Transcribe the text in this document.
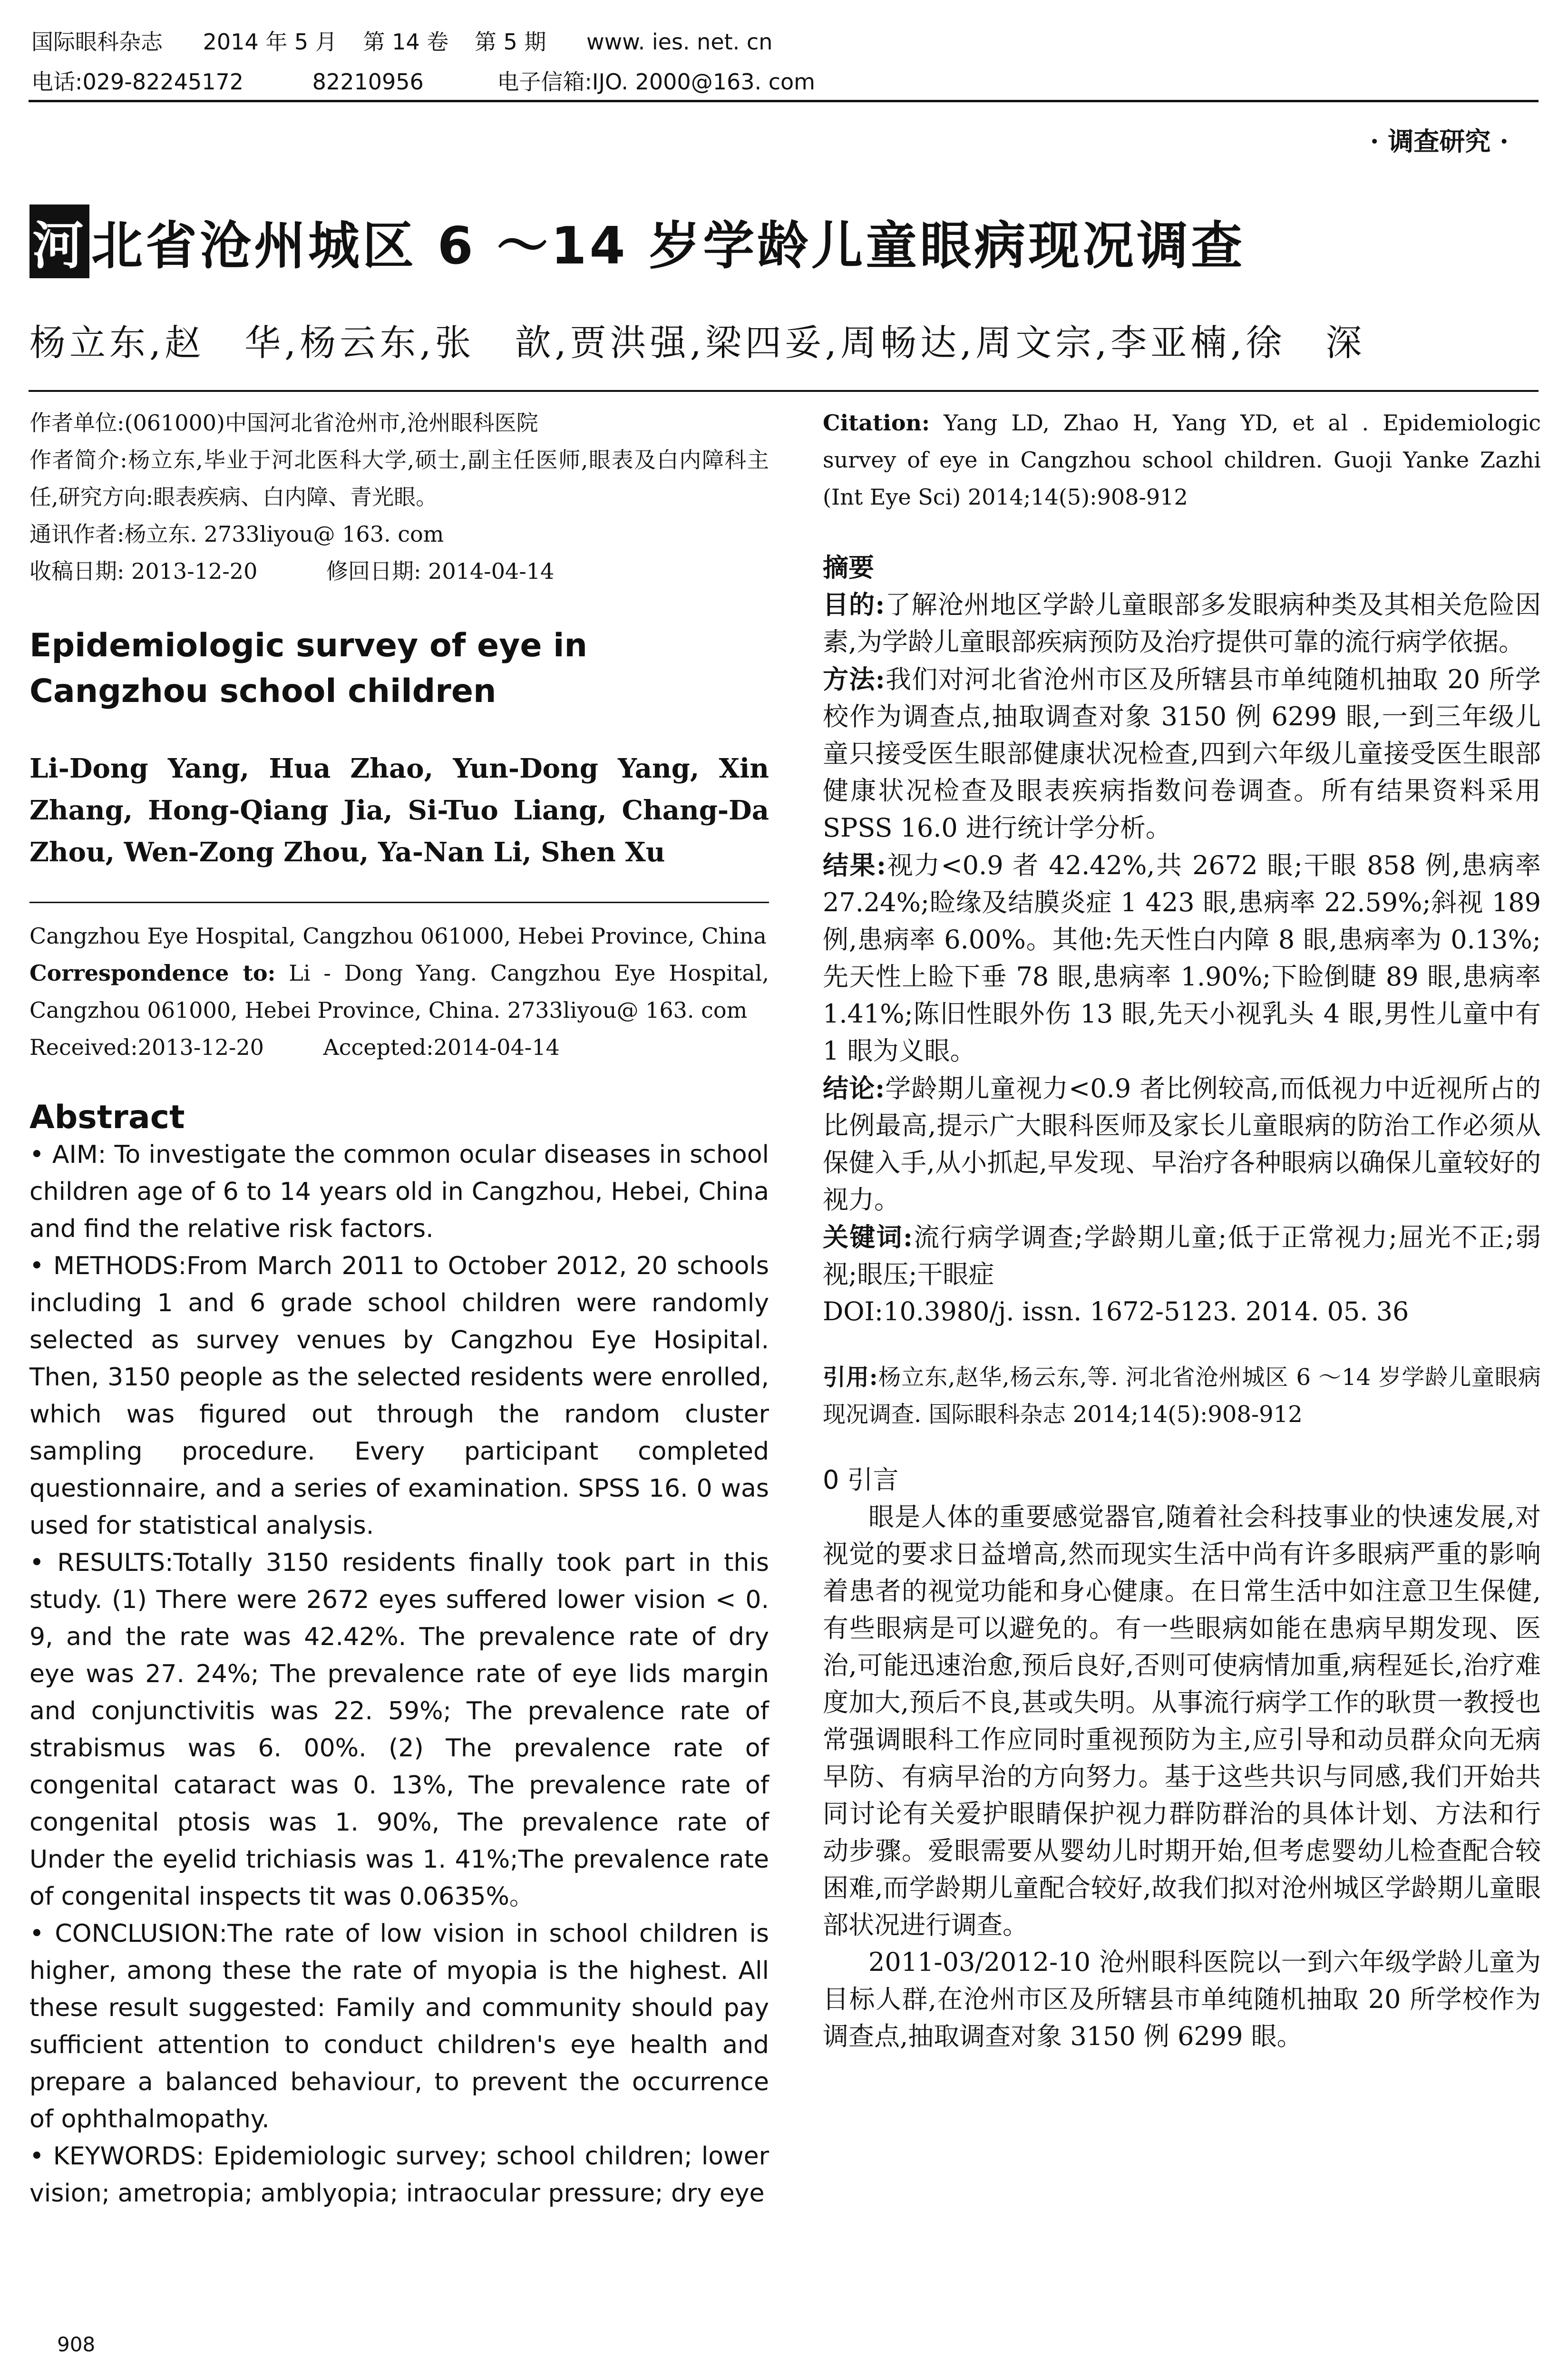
国际眼科杂志 2014 年 5 月 第 14 卷 第 5 期 www. ies. net. cn
电话:029-82245172	82210956	电子信箱:IJO. 2000@163. com
· 调查研究 ·
河北省沧州城区 6 ～14 岁学龄儿童眼病现况调查
杨立东,赵　华,杨云东,张　歆,贾洪强,梁四妥,周畅达,周文宗,李亚楠,徐　深

作者单位:(061000)中国河北省沧州市,沧州眼科医院

作者简介:杨立东,毕业于河北医科大学,硕士,副主任医师,眼表及白内障科主任,研究方向:眼表疾病、白内障、青光眼。

通讯作者:杨立东. 2733liyou@ 163. com

收稿日期: 2013-12-20	修回日期: 2014-04-14

Epidemiologic survey of eye in Cangzhou school children
Li-Dong Yang, Hua Zhao, Yun-Dong Yang, Xin Zhang, Hong-Qiang Jia, Si-Tuo Liang, Chang-Da Zhou, Wen-Zong Zhou, Ya-Nan Li, Shen Xu

Cangzhou Eye Hospital, Cangzhou 061000, Hebei Province, China

Correspondence to: Li - Dong Yang. Cangzhou Eye Hospital, Cangzhou 061000, Hebei Province, China. 2733liyou@ 163. com

Received:2013-12-20	Accepted:2014-04-14

Abstract

• AIM: To investigate the common ocular diseases in school children age of 6 to 14 years old in Cangzhou, Hebei, China and find the relative risk factors.

• METHODS:From March 2011 to October 2012, 20 schools including 1 and 6 grade school children were randomly selected as survey venues by Cangzhou Eye Hosipital. Then, 3150 people as the selected residents were enrolled, which was figured out through the random cluster sampling procedure. Every participant completed questionnaire, and a series of examination. SPSS 16. 0 was used for statistical analysis.

• RESULTS:Totally 3150 residents finally took part in this study. (1) There were 2672 eyes suffered lower vision < 0. 9, and the rate was 42.42%. The prevalence rate of dry eye was 27. 24%; The prevalence rate of eye lids margin and conjunctivitis was 22. 59%; The prevalence rate of strabismus was 6. 00%. (2) The prevalence rate of congenital cataract was 0. 13%, The prevalence rate of congenital ptosis was 1. 90%, The prevalence rate of Under the eyelid trichiasis was 1. 41%;The prevalence rate of congenital inspects tit was 0.0635%。

• CONCLUSION:The rate of low vision in school children is higher, among these the rate of myopia is the highest. All these result suggested: Family and community should pay sufficient attention to conduct children's eye health and prepare a balanced behaviour, to prevent the occurrence of ophthalmopathy.

• KEYWORDS: Epidemiologic survey; school children; lower vision; ametropia; amblyopia; intraocular pressure; dry eye

Citation: Yang LD, Zhao H, Yang YD, et al . Epidemiologic survey of eye in Cangzhou school children. Guoji Yanke Zazhi (Int Eye Sci) 2014;14(5):908-912

摘要

目的:了解沧州地区学龄儿童眼部多发眼病种类及其相关危险因素,为学龄儿童眼部疾病预防及治疗提供可靠的流行病学依据。

方法:我们对河北省沧州市区及所辖县市单纯随机抽取 20 所学校作为调查点,抽取调查对象 3150 例 6299 眼,一到三年级儿童只接受医生眼部健康状况检查,四到六年级儿童接受医生眼部健康状况检查及眼表疾病指数问卷调查。所有结果资料采用 SPSS 16.0 进行统计学分析。

结果:视力<0.9 者 42.42%,共 2672 眼;干眼 858 例,患病率 27.24%;睑缘及结膜炎症 1 423 眼,患病率 22.59%;斜视 189 例,患病率 6.00%。其他:先天性白内障 8 眼,患病率为 0.13%;先天性上睑下垂 78 眼,患病率 1.90%;下睑倒睫 89 眼,患病率 1.41%;陈旧性眼外伤 13 眼,先天小视乳头 4 眼,男性儿童中有 1 眼为义眼。

结论:学龄期儿童视力<0.9 者比例较高,而低视力中近视所占的比例最高,提示广大眼科医师及家长儿童眼病的防治工作必须从保健入手,从小抓起,早发现、早治疗各种眼病以确保儿童较好的视力。

关键词:流行病学调查;学龄期儿童;低于正常视力;屈光不正;弱视;眼压;干眼症

DOI:10.3980/j. issn. 1672-5123. 2014. 05. 36

引用:杨立东,赵华,杨云东,等. 河北省沧州城区 6 ～14 岁学龄儿童眼病现况调查. 国际眼科杂志 2014;14(5):908-912

0 引言

眼是人体的重要感觉器官,随着社会科技事业的快速发展,对视觉的要求日益增高,然而现实生活中尚有许多眼病严重的影响着患者的视觉功能和身心健康。在日常生活中如注意卫生保健,有些眼病是可以避免的。有一些眼病如能在患病早期发现、医治,可能迅速治愈,预后良好,否则可使病情加重,病程延长,治疗难度加大,预后不良,甚或失明。从事流行病学工作的耿贯一教授也常强调眼科工作应同时重视预防为主,应引导和动员群众向无病早防、有病早治的方向努力。基于这些共识与同感,我们开始共同讨论有关爱护眼睛保护视力群防群治的具体计划、方法和行动步骤。爱眼需要从婴幼儿时期开始,但考虑婴幼儿检查配合较困难,而学龄期儿童配合较好,故我们拟对沧州城区学龄期儿童眼部状况进行调查。

2011-03/2012-10 沧州眼科医院以一到六年级学龄儿童为目标人群,在沧州市区及所辖县市单纯随机抽取 20 所学校作为调查点,抽取调查对象 3150 例 6299 眼。

908
